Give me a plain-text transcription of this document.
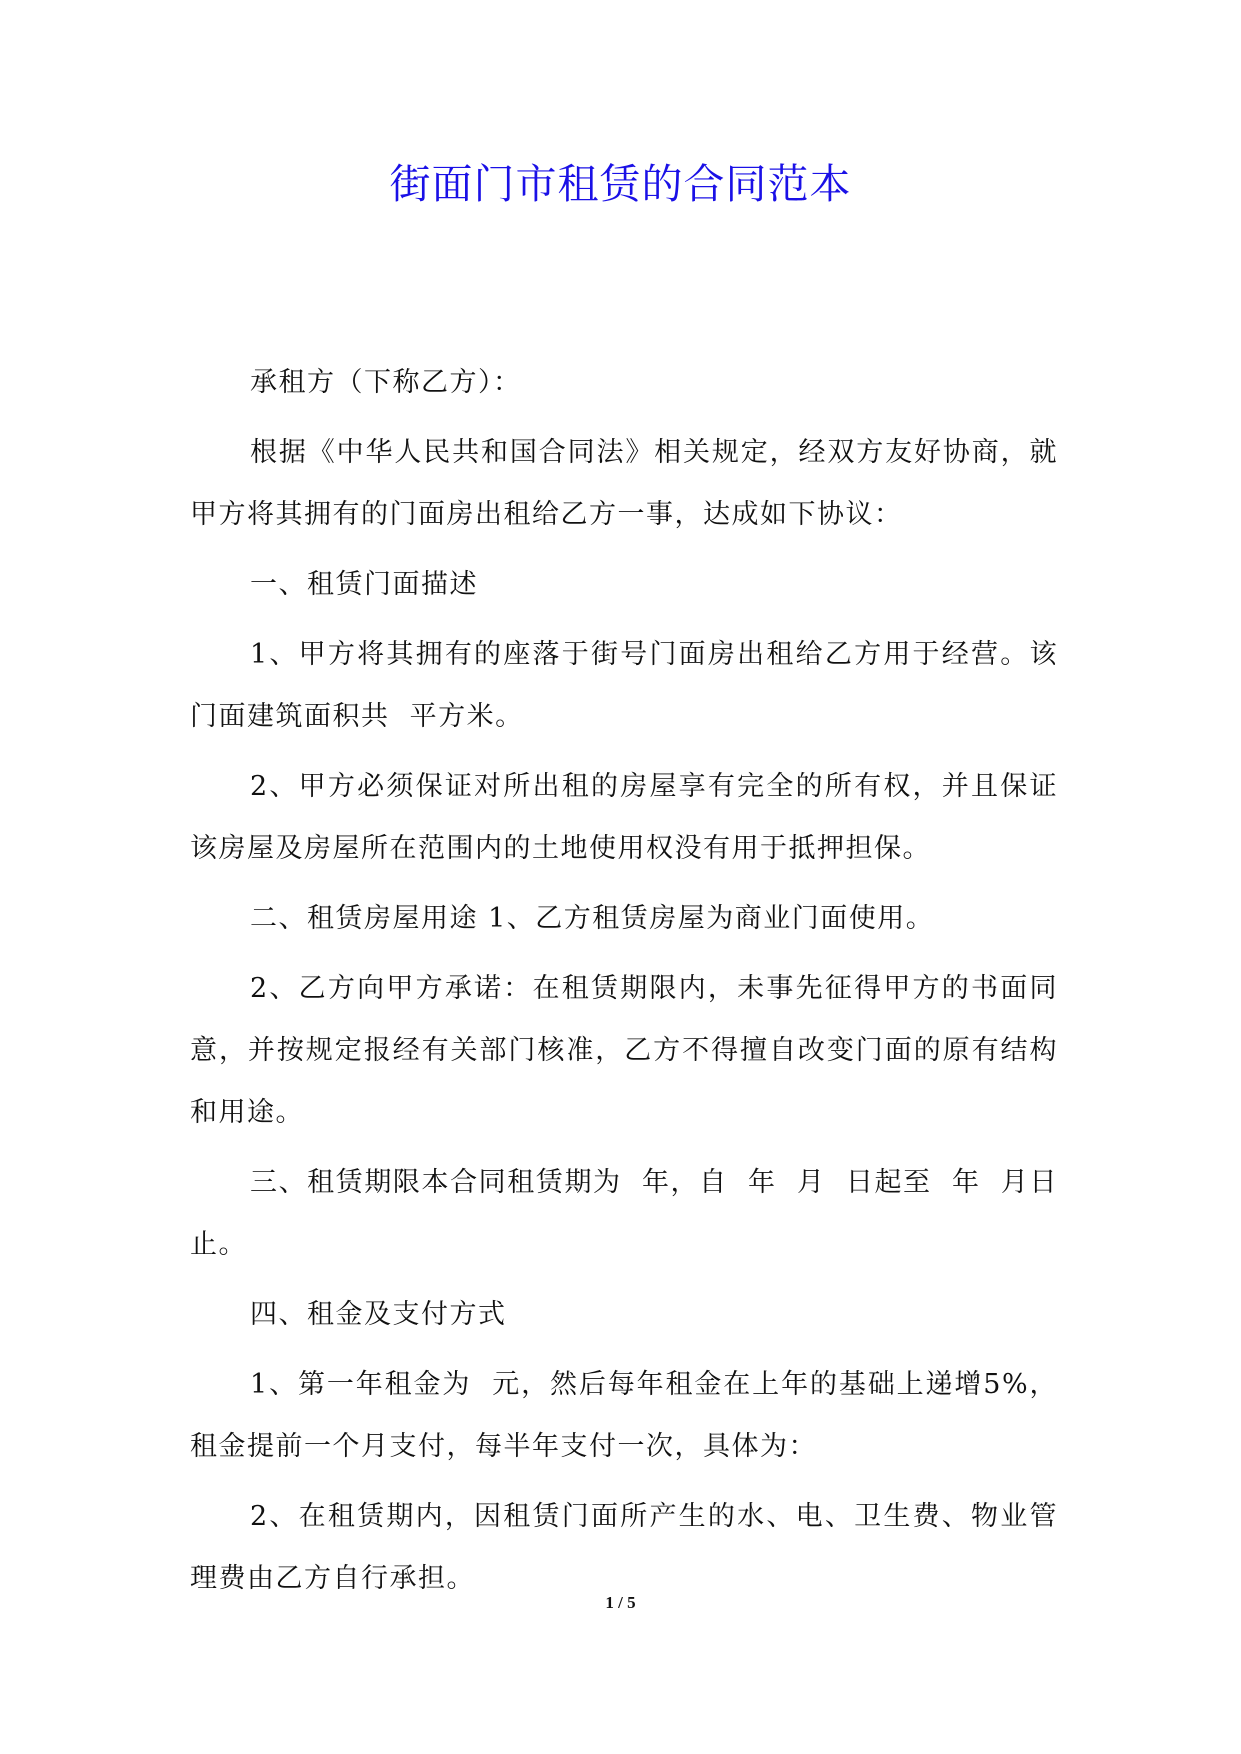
街面门市租赁的合同范本

承租方（下称乙方）：

根据《中华人民共和国合同法》相关规定，经双方友好协商，就甲方将其拥有的门面房出租给乙方一事，达成如下协议：

一、租赁门面描述

1、甲方将其拥有的座落于街号门面房出租给乙方用于经营。该门面建筑面积共  平方米。

2、甲方必须保证对所出租的房屋享有完全的所有权，并且保证该房屋及房屋所在范围内的土地使用权没有用于抵押担保。

二、租赁房屋用途 1、乙方租赁房屋为商业门面使用。

2、乙方向甲方承诺：在租赁期限内，未事先征得甲方的书面同意，并按规定报经有关部门核准，乙方不得擅自改变门面的原有结构和用途。

三、租赁期限本合同租赁期为  年，自  年  月  日起至  年  月日止。

四、租金及支付方式

1、第一年租金为  元，然后每年租金在上年的基础上递增5%，租金提前一个月支付，每半年支付一次，具体为：

2、在租赁期内，因租赁门面所产生的水、电、卫生费、物业管理费由乙方自行承担。

1 / 5
